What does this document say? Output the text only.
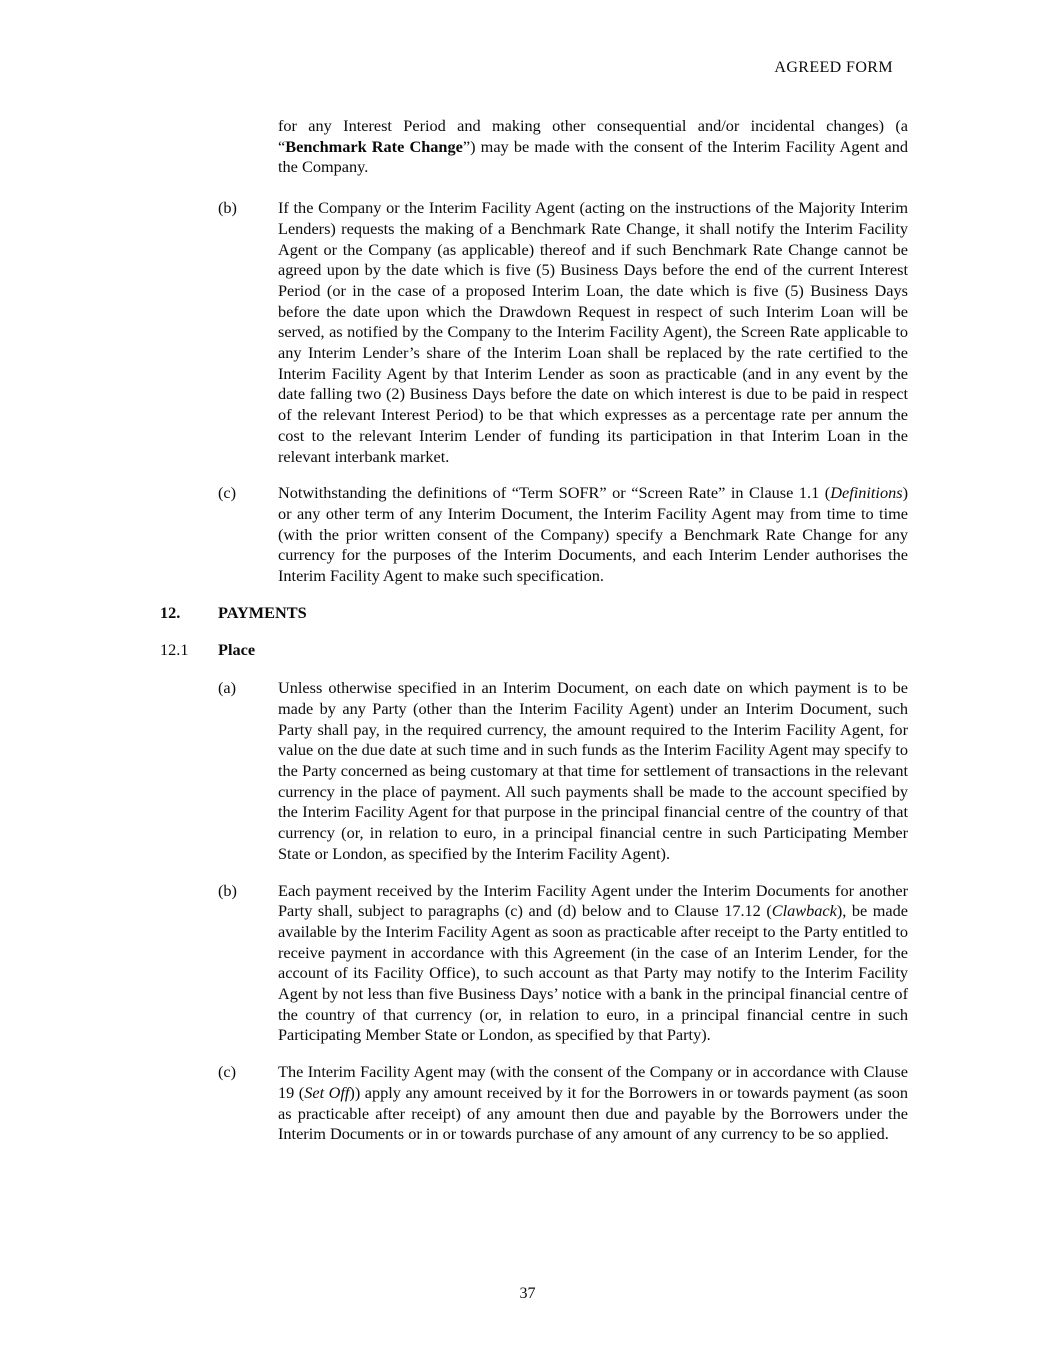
AGREED FORM

for any Interest Period and making other consequential and/or incidental changes) (a “Benchmark Rate Change”) may be made with the consent of the Interim Facility Agent and the Company.

(b)	If the Company or the Interim Facility Agent (acting on the instructions of the Majority Interim Lenders) requests the making of a Benchmark Rate Change, it shall notify the Interim Facility Agent or the Company (as applicable) thereof and if such Benchmark Rate Change cannot be agreed upon by the date which is five (5) Business Days before the end of the current Interest Period (or in the case of a proposed Interim Loan, the date which is five (5) Business Days before the date upon which the Drawdown Request in respect of such Interim Loan will be served, as notified by the Company to the Interim Facility Agent), the Screen Rate applicable to any Interim Lender’s share of the Interim Loan shall be replaced by the rate certified to the Interim Facility Agent by that Interim Lender as soon as practicable (and in any event by the date falling two (2) Business Days before the date on which interest is due to be paid in respect of the relevant Interest Period) to be that which expresses as a percentage rate per annum the cost to the relevant Interim Lender of funding its participation in that Interim Loan in the relevant interbank market.

(c)	Notwithstanding the definitions of “Term SOFR” or “Screen Rate” in Clause 1.1 (Definitions) or any other term of any Interim Document, the Interim Facility Agent may from time to time (with the prior written consent of the Company) specify a Benchmark Rate Change for any currency for the purposes of the Interim Documents, and each Interim Lender authorises the Interim Facility Agent to make such specification.

12.	PAYMENTS
12.1	Place
(a)	Unless otherwise specified in an Interim Document, on each date on which payment is to be made by any Party (other than the Interim Facility Agent) under an Interim Document, such Party shall pay, in the required currency, the amount required to the Interim Facility Agent, for value on the due date at such time and in such funds as the Interim Facility Agent may specify to the Party concerned as being customary at that time for settlement of transactions in the relevant currency in the place of payment. All such payments shall be made to the account specified by the Interim Facility Agent for that purpose in the principal financial centre of the country of that currency (or, in relation to euro, in a principal financial centre in such Participating Member State or London, as specified by the Interim Facility Agent).

(b)	Each payment received by the Interim Facility Agent under the Interim Documents for another Party shall, subject to paragraphs (c) and (d) below and to Clause 17.12 (Clawback), be made available by the Interim Facility Agent as soon as practicable after receipt to the Party entitled to receive payment in accordance with this Agreement (in the case of an Interim Lender, for the account of its Facility Office), to such account as that Party may notify to the Interim Facility Agent by not less than five Business Days’ notice with a bank in the principal financial centre of the country of that currency (or, in relation to euro, in a principal financial centre in such Participating Member State or London, as specified by that Party).

(c)	The Interim Facility Agent may (with the consent of the Company or in accordance with Clause 19 (Set Off)) apply any amount received by it for the Borrowers in or towards payment (as soon as practicable after receipt) of any amount then due and payable by the Borrowers under the Interim Documents or in or towards purchase of any amount of any currency to be so applied.

37
